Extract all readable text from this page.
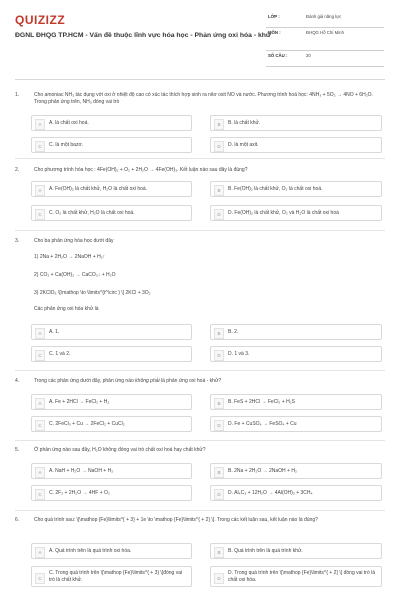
QUIZIZZ
ĐGNL ĐHQG TP.HCM - Vấn đề thuộc lĩnh vực hóa học - Phản ứng oxi hóa - khử
LỚP :	Đánh giá năng lực
MÔN :	ĐHQG Hồ Chí Minh
SỐ CÂU :	20
1.	Cho amoniac NH₃ tác dụng với oxi ở nhiệt độ cao có xúc tác thích hợp sinh ra nitơ oxit NO và nước. Phương trình hoá học: 4NH₃ + 5O₂ → 4NO + 6H₂O. Trong phản ứng trên, NH₃ đóng vai trò
A	A. là chất oxi hoá.	B	B. là chất khử.
C	C. là một bazơ.	D	D. là một axit.
2.	Cho phương trình hóa học : 4Fe(OH)₂ + O₂ + 2H₂O → 4Fe(OH)₃. Kết luận nào sau đây là đúng?
A	A. Fe(OH)₂ là chất khử, H₂O là chất oxi hoá.	B	B. Fe(OH)₂ là chất khử, O₂ là chất oxi hoá.
C	C. O₂ là chất khử, H₂O là chất oxi hoá.	D	D. Fe(OH)₂ là chất khử, O₂ và H₂O là chất oxi hoá
3.	Cho ba phản ứng hóa học dưới đây
1) 2Na + 2H₂O → 2NaOH + H₂↑
2) CO₂ + Ca(OH)₂ → CaCO₃↓ + H₂O
3) 2KClO₃ \[\mathop \to \limits^{t^\circ } \] 2KCl + 3O₂
Các phản ứng oxi hóa khử là
A	A. 1.	B	B. 2.
C	C. 1 và 2.	D	D. 1 và 3.
4.	Trong các phản ứng dưới đây, phản ứng nào không phải là phản ứng oxi hoá - khử?
A	A. Fe + 2HCl → FeCl₂ + H₂	B	B. FeS + 2HCl → FeCl₂ + H₂S
C	C. 2FeCl₃ + Cu → 2FeCl₂ + CuCl₂	D	D. Fe + CuSO₄ → FeSO₄ + Cu
5.	Ở phản ứng nào sau đây, H₂O không đóng vai trò chất oxi hoá hay chất khử?
A	A. NaH + H₂O → NaOH + H₂	B	B. 2Na + 2H₂O → 2NaOH + H₂
C	C. 2F₂ + 2H₂O → 4HF + O₂	D	D. Al₄C₃ + 12H₂O → 4Al(OH)₃ + 3CH₄
6.	Cho quá trình sau: \[\mathop {Fe}\limits^{ + 3} + 1e \to \mathop {Fe}\limits^{ + 2} \]. Trong các kết luận sau, kết luận nào là đúng?
A	A. Quá trình trên là quá trình oxi hóa.	B	B. Quá trình trên là quá trình khử.
C
C. Trong quá trình trên \[\mathop {Fe}\limits^{ + 3} \]đóng vai trò là chất khử.	D
D. Trong quá trình trên \[\mathop {Fe}\limits^{ + 2} \] đóng vai trò là chất oxi hóa.
